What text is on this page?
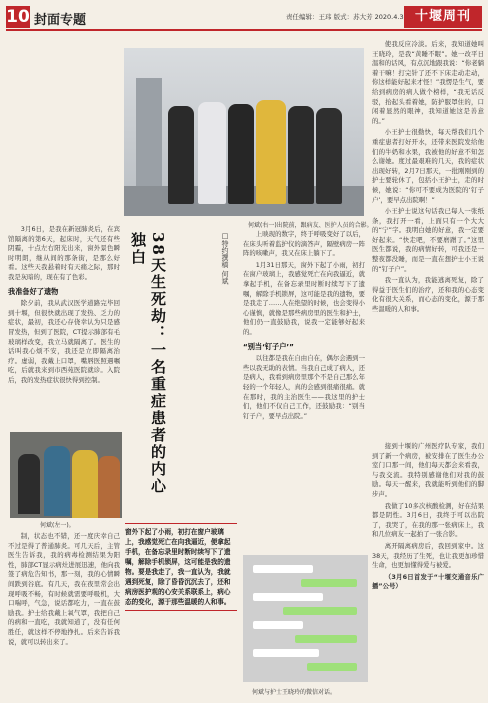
10 封面专题	责任编辑：王玮 版式：苏大芳 2020.4.3 十堰周刊

3月6日，是我在新冠肺炎后，在宾馆隔离的第6天，起床时，天气还有些阴霾，十点左右阳光出来，窗外景色瞬时明朗，继从间的那条街，是那么好看。这些天我悬着时有天痛之际，那时我是灰暗的，现在有了色彩。

我准备好了遗物

除夕前，我从武汉医学道路完毕回到十堰，但很快就出现了发热、乏力的症状，最初，我还心存侥幸认为只是感冒发热，但到了医院，CT提示肺部有毛玻璃样改变，我立马就隔离了。医生的话叫我心烦不安，我还是立即隔离治疗。虚弱，我戴上口罩，嘴唇医照遇嘱吃，后就我来到市西苑医院就诊。入院后，我的发热症状很快得到控制。

何斌(左一)。

制，状态也不错，还一度庆幸自己不过是得了普通肺炎。可几天后，主管医生告诉我，我的病毒检测结果为阳性，肺部CT显示病灶进展迅速，他向我签了病危告知书，那一刻，我的心情瞬间跌到谷底。有几天，我在夜里常会出现呼吸不畅，有时候就需要呼吸机，大口喘呼，气急，说话都吃力，一直在鼓励我。护士给我戴上氧气罩，我把自己的病和一直吃，我就知道了，没有任何胜任，就这样不停地挣扎。后来告诉我说，就可以转出来了。

何斌(右一)出院前，跟病友、医护人员的合影。
□特约撰稿 何斌
38天生死劫：一名重症患者的内心独白
窗外下起了小雨，初打在窗户玻璃上，我感觉死亡在向我逼近，便拿起手机，在备忘录里时断时续写下了遗嘱，解除手机锁屏，这可能是我的遗物。要是我走了，我一直认为，我就遇到死复，除了昏昏沉沉去了，还和病房医护观的心安关系联系上，病心态的变化，源于那些温暖的人和事。

上映现的数字，终于呼吸变好了以后，在床头听着监护仪的滴答声，隔壁病房一阵阵的咳嗽声，我又在床上躺下了。

1月31日那天，窗外下起了小雨，初打在窗户玻璃上，我感觉死亡在向我逼近，就拿起手机，在备忘录里时断时续写下了遗嘱，解除手机锁屏，这可能是我的遗物，要是我走了……人在绝望的时候，也会变得小心谨慎，就像是那些病房里的医生和护士，他们仍一直鼓励我，说我一定能够好起来的。

“别当‘钉子户’”

以往都是我在自由自在，偶尔会遇到一些以我无助的表情。当我自己成了病人，还是病人，我看到病房里那个不是自己那么年轻的一个年轻人，真的会感到很痛很痛。就在那时，我的主治医生——我这里的护士们，他们不仅自己工作，还鼓励我：“别当钉子户，要早点出院。”

何斌与护士王晓玲的微信对话。

使我反应冷淡。后来，我知道她叫王晓玲，是我“黄睡不眠”。她一改平日温和的话风，有点沉地跟我说：“你老躺着干嘛！打完针了还不下床走动走动，你这样能好起来才怪！”我愣是生气，要给到病房的病人做个榜样，“我无话反驳，抬起头看着她，防护服罩住的，口闲着显然的眼神，我知道她这是善意的。”

小王护士很勤快，每天帮我们几个重症患者打好开水，还带来医院发给他们的牛奶和水果，我被他的好意不知怎么谢她。度过最艰难的几天，我的症状出现好转，2月7日那天，一批刚刚到的护士要轮休了，包括小王护士，走的时候，她说：“你可不要成为医院的‘钉子户’，要早点出院啊！”

小王护士说这句话我已每人一张纸条，我打开一看，上面只有一个大大的“宁”字。我明白她的好意，我一定要好起来。“快走吧，不要磨蹭了。”这里医生都说，我的病情好转，可我还是一整夜都没睡，而是一直在想护士小王说的“钉子户”。

我一直认为，我能逃离死复，除了得益于医生们的治疗，还和我的心态变化有很大关系，而心态的变化，源于那些温暖的人和事。

接到十堰的广州医疗队专家，我们到了新一个病房，被安排在了医生办公室门口那一间，他们每天都会来看我，与我交流。我特别感谢他们对我的鼓励。每天一醒来，我就能听到他们的脚步声。

我做了10多次核酸检测，好在结果都是阴性。3月6日，我终于可以出院了，我哭了，在我的那一张病床上，我和几位病友一起拍了一张合影。

离开隔离病房后，我回到家中。这38天，我经历了生死，也让我更加珍惜生命，也更加懂得爱与被爱。

（3月6日首发于“十堰交通音乐广播”公号）
